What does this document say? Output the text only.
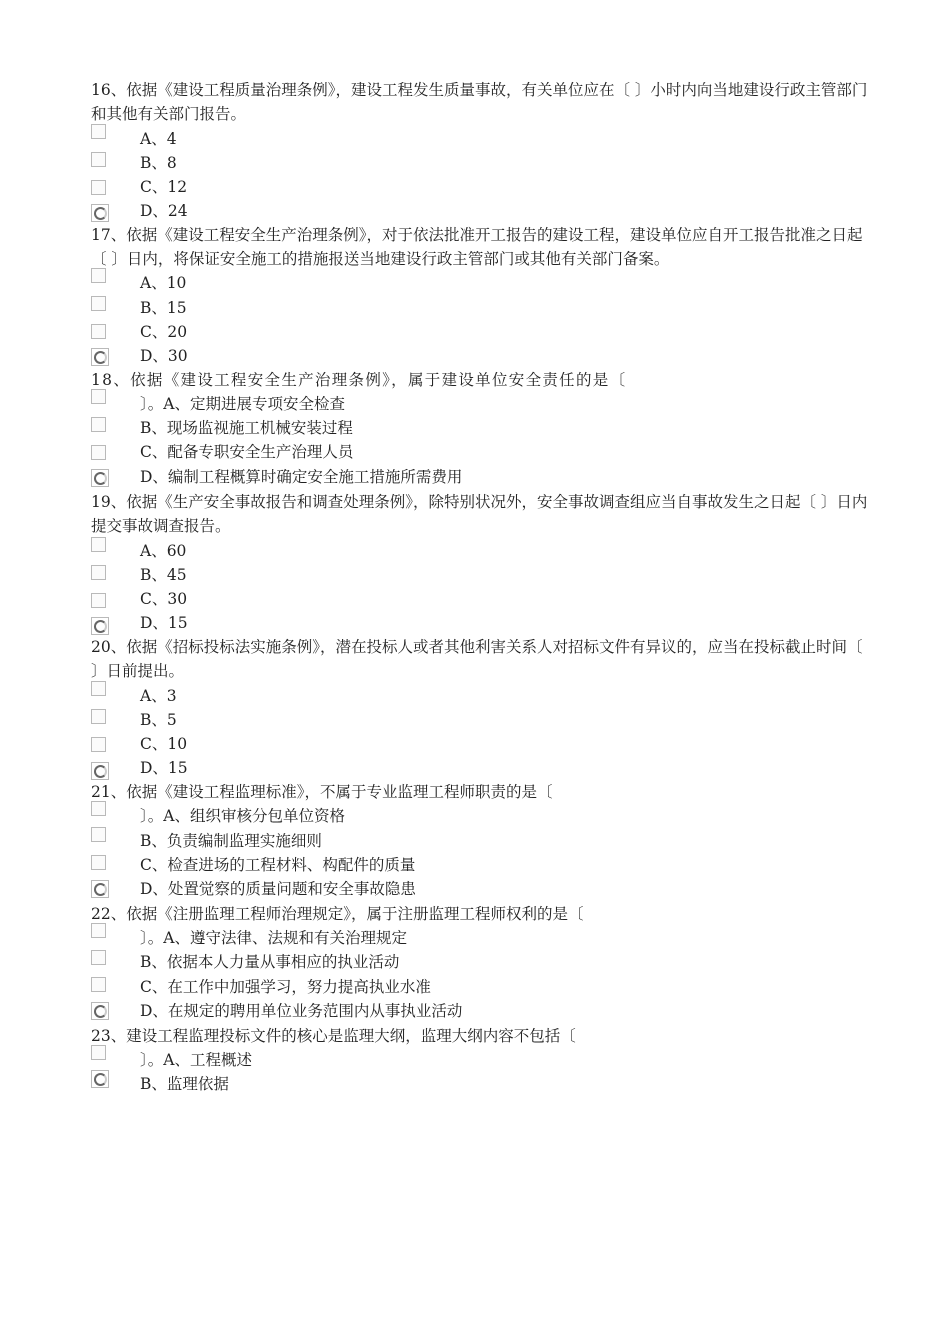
16、依据《建设工程质量治理条例》，建设工程发生质量事故，有关单位应在〔 〕小时内向当地建设行政主管部门和其他有关部门报告。
A、4
B、8
C、12
D、24
17、依据《建设工程安全生产治理条例》，对于依法批准开工报告的建设工程，建设单位应自开工报告批准之日起〔 〕日内，将保证安全施工的措施报送当地建设行政主管部门或其他有关部门备案。
A、10
B、15
C、20
D、30
18、依据《建设工程安全生产治理条例》，属于建设单位安全责任的是〔
〕。A、定期进展专项安全检查
B、现场监视施工机械安装过程
C、配备专职安全生产治理人员
D、编制工程概算时确定安全施工措施所需费用
19、依据《生产安全事故报告和调查处理条例》，除特别状况外，安全事故调查组应当自事故发生之日起〔 〕日内提交事故调查报告。
A、60
B、45
C、30
D、15
20、依据《招标投标法实施条例》，潜在投标人或者其他利害关系人对招标文件有异议的，应当在投标截止时间〔 〕日前提出。
A、3
B、5
C、10
D、15
21、依据《建设工程监理标准》，不属于专业监理工程师职责的是〔
〕。A、组织审核分包单位资格
B、负责编制监理实施细则
C、检查进场的工程材料、构配件的质量
D、处置觉察的质量问题和安全事故隐患
22、依据《注册监理工程师治理规定》，属于注册监理工程师权利的是〔
〕。A、遵守法律、法规和有关治理规定
B、依据本人力量从事相应的执业活动
C、在工作中加强学习，努力提高执业水准
D、在规定的聘用单位业务范围内从事执业活动
23、建设工程监理投标文件的核心是监理大纲，监理大纲内容不包括〔
〕。A、工程概述
B、监理依据
